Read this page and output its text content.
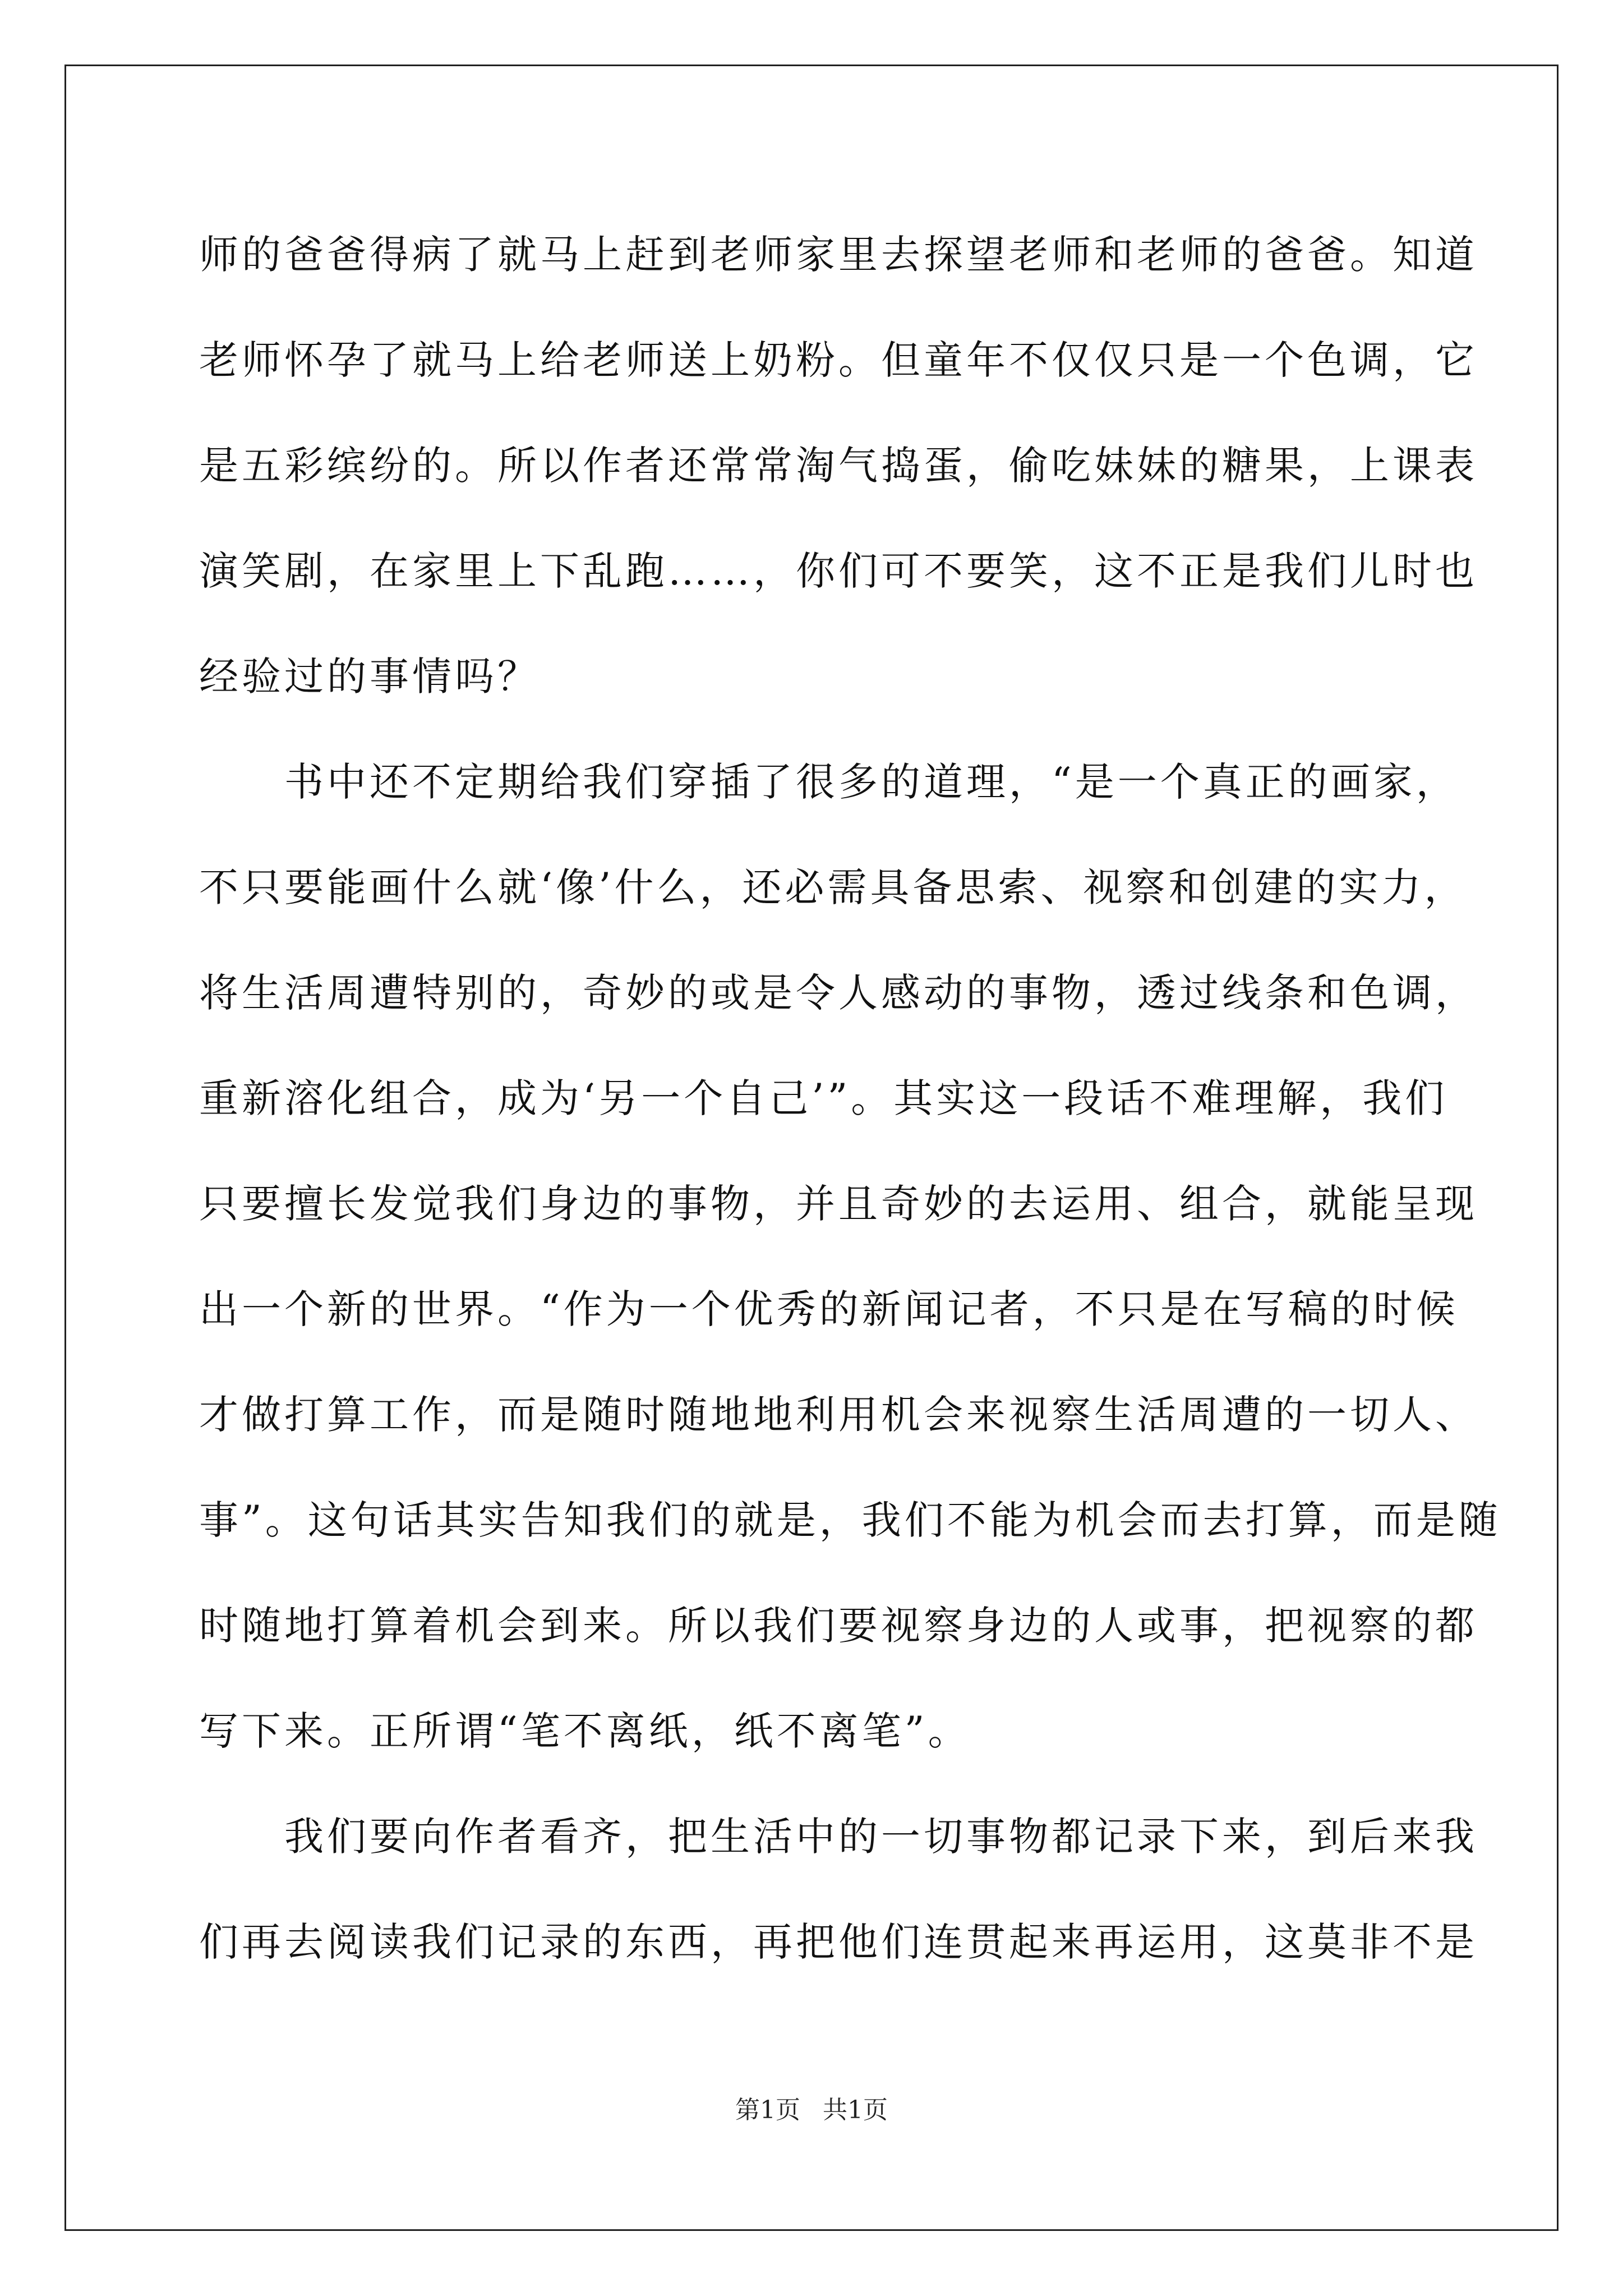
师的爸爸得病了就马上赶到老师家里去探望老师和老师的爸爸。知道
老师怀孕了就马上给老师送上奶粉。但童年不仅仅只是一个色调，它
是五彩缤纷的。所以作者还常常淘气捣蛋，偷吃妹妹的糖果，上课表
演笑剧，在家里上下乱跑……，你们可不要笑，这不正是我们儿时也
经验过的事情吗？
　　书中还不定期给我们穿插了很多的道理，“是一个真正的画家，
不只要能画什么就‘像’什么，还必需具备思索、视察和创建的实力，
将生活周遭特别的，奇妙的或是令人感动的事物，透过线条和色调，
重新溶化组合，成为‘另一个自己’”。其实这一段话不难理解，我们
只要擅长发觉我们身边的事物，并且奇妙的去运用、组合，就能呈现
出一个新的世界。“作为一个优秀的新闻记者，不只是在写稿的时候
才做打算工作，而是随时随地地利用机会来视察生活周遭的一切人、
事”。这句话其实告知我们的就是，我们不能为机会而去打算，而是随
时随地打算着机会到来。所以我们要视察身边的人或事，把视察的都
写下来。正所谓“笔不离纸，纸不离笔”。
　　我们要向作者看齐，把生活中的一切事物都记录下来，到后来我
们再去阅读我们记录的东西，再把他们连贯起来再运用，这莫非不是
第1页 共1页
